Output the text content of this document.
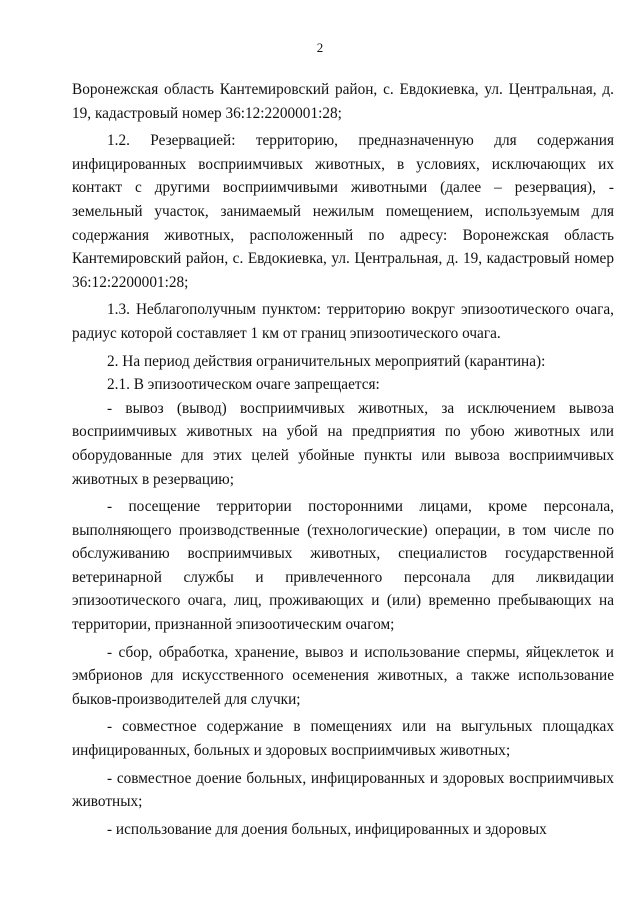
2

Воронежская область Кантемировский район, с. Евдокиевка, ул. Центральная, д. 19, кадастровый номер 36:12:2200001:28;

1.2. Резервацией: территорию, предназначенную для содержания инфицированных восприимчивых животных, в условиях, исключающих их контакт с другими восприимчивыми животными (далее – резервация), - земельный участок, занимаемый нежилым помещением, используемым для содержания животных, расположенный по адресу: Воронежская область Кантемировский район, с. Евдокиевка, ул. Центральная, д. 19, кадастровый номер 36:12:2200001:28;

1.3. Неблагополучным пунктом: территорию вокруг эпизоотического очага, радиус которой составляет 1 км от границ эпизоотического очага.

2. На период действия ограничительных мероприятий (карантина):

2.1. В эпизоотическом очаге запрещается:

- вывоз (вывод) восприимчивых животных, за исключением вывоза восприимчивых животных на убой на предприятия по убою животных или оборудованные для этих целей убойные пункты или вывоза восприимчивых животных в резервацию;

- посещение территории посторонними лицами, кроме персонала, выполняющего производственные (технологические) операции, в том числе по обслуживанию восприимчивых животных, специалистов государственной ветеринарной службы и привлеченного персонала для ликвидации эпизоотического очага, лиц, проживающих и (или) временно пребывающих на территории, признанной эпизоотическим очагом;

- сбор, обработка, хранение, вывоз и использование спермы, яйцеклеток и эмбрионов для искусственного осеменения животных, а также использование быков-производителей для случки;

- совместное содержание в помещениях или на выгульных площадках инфицированных, больных и здоровых восприимчивых животных;

- совместное доение больных, инфицированных и здоровых восприимчивых животных;

- использование для доения больных, инфицированных и здоровых
